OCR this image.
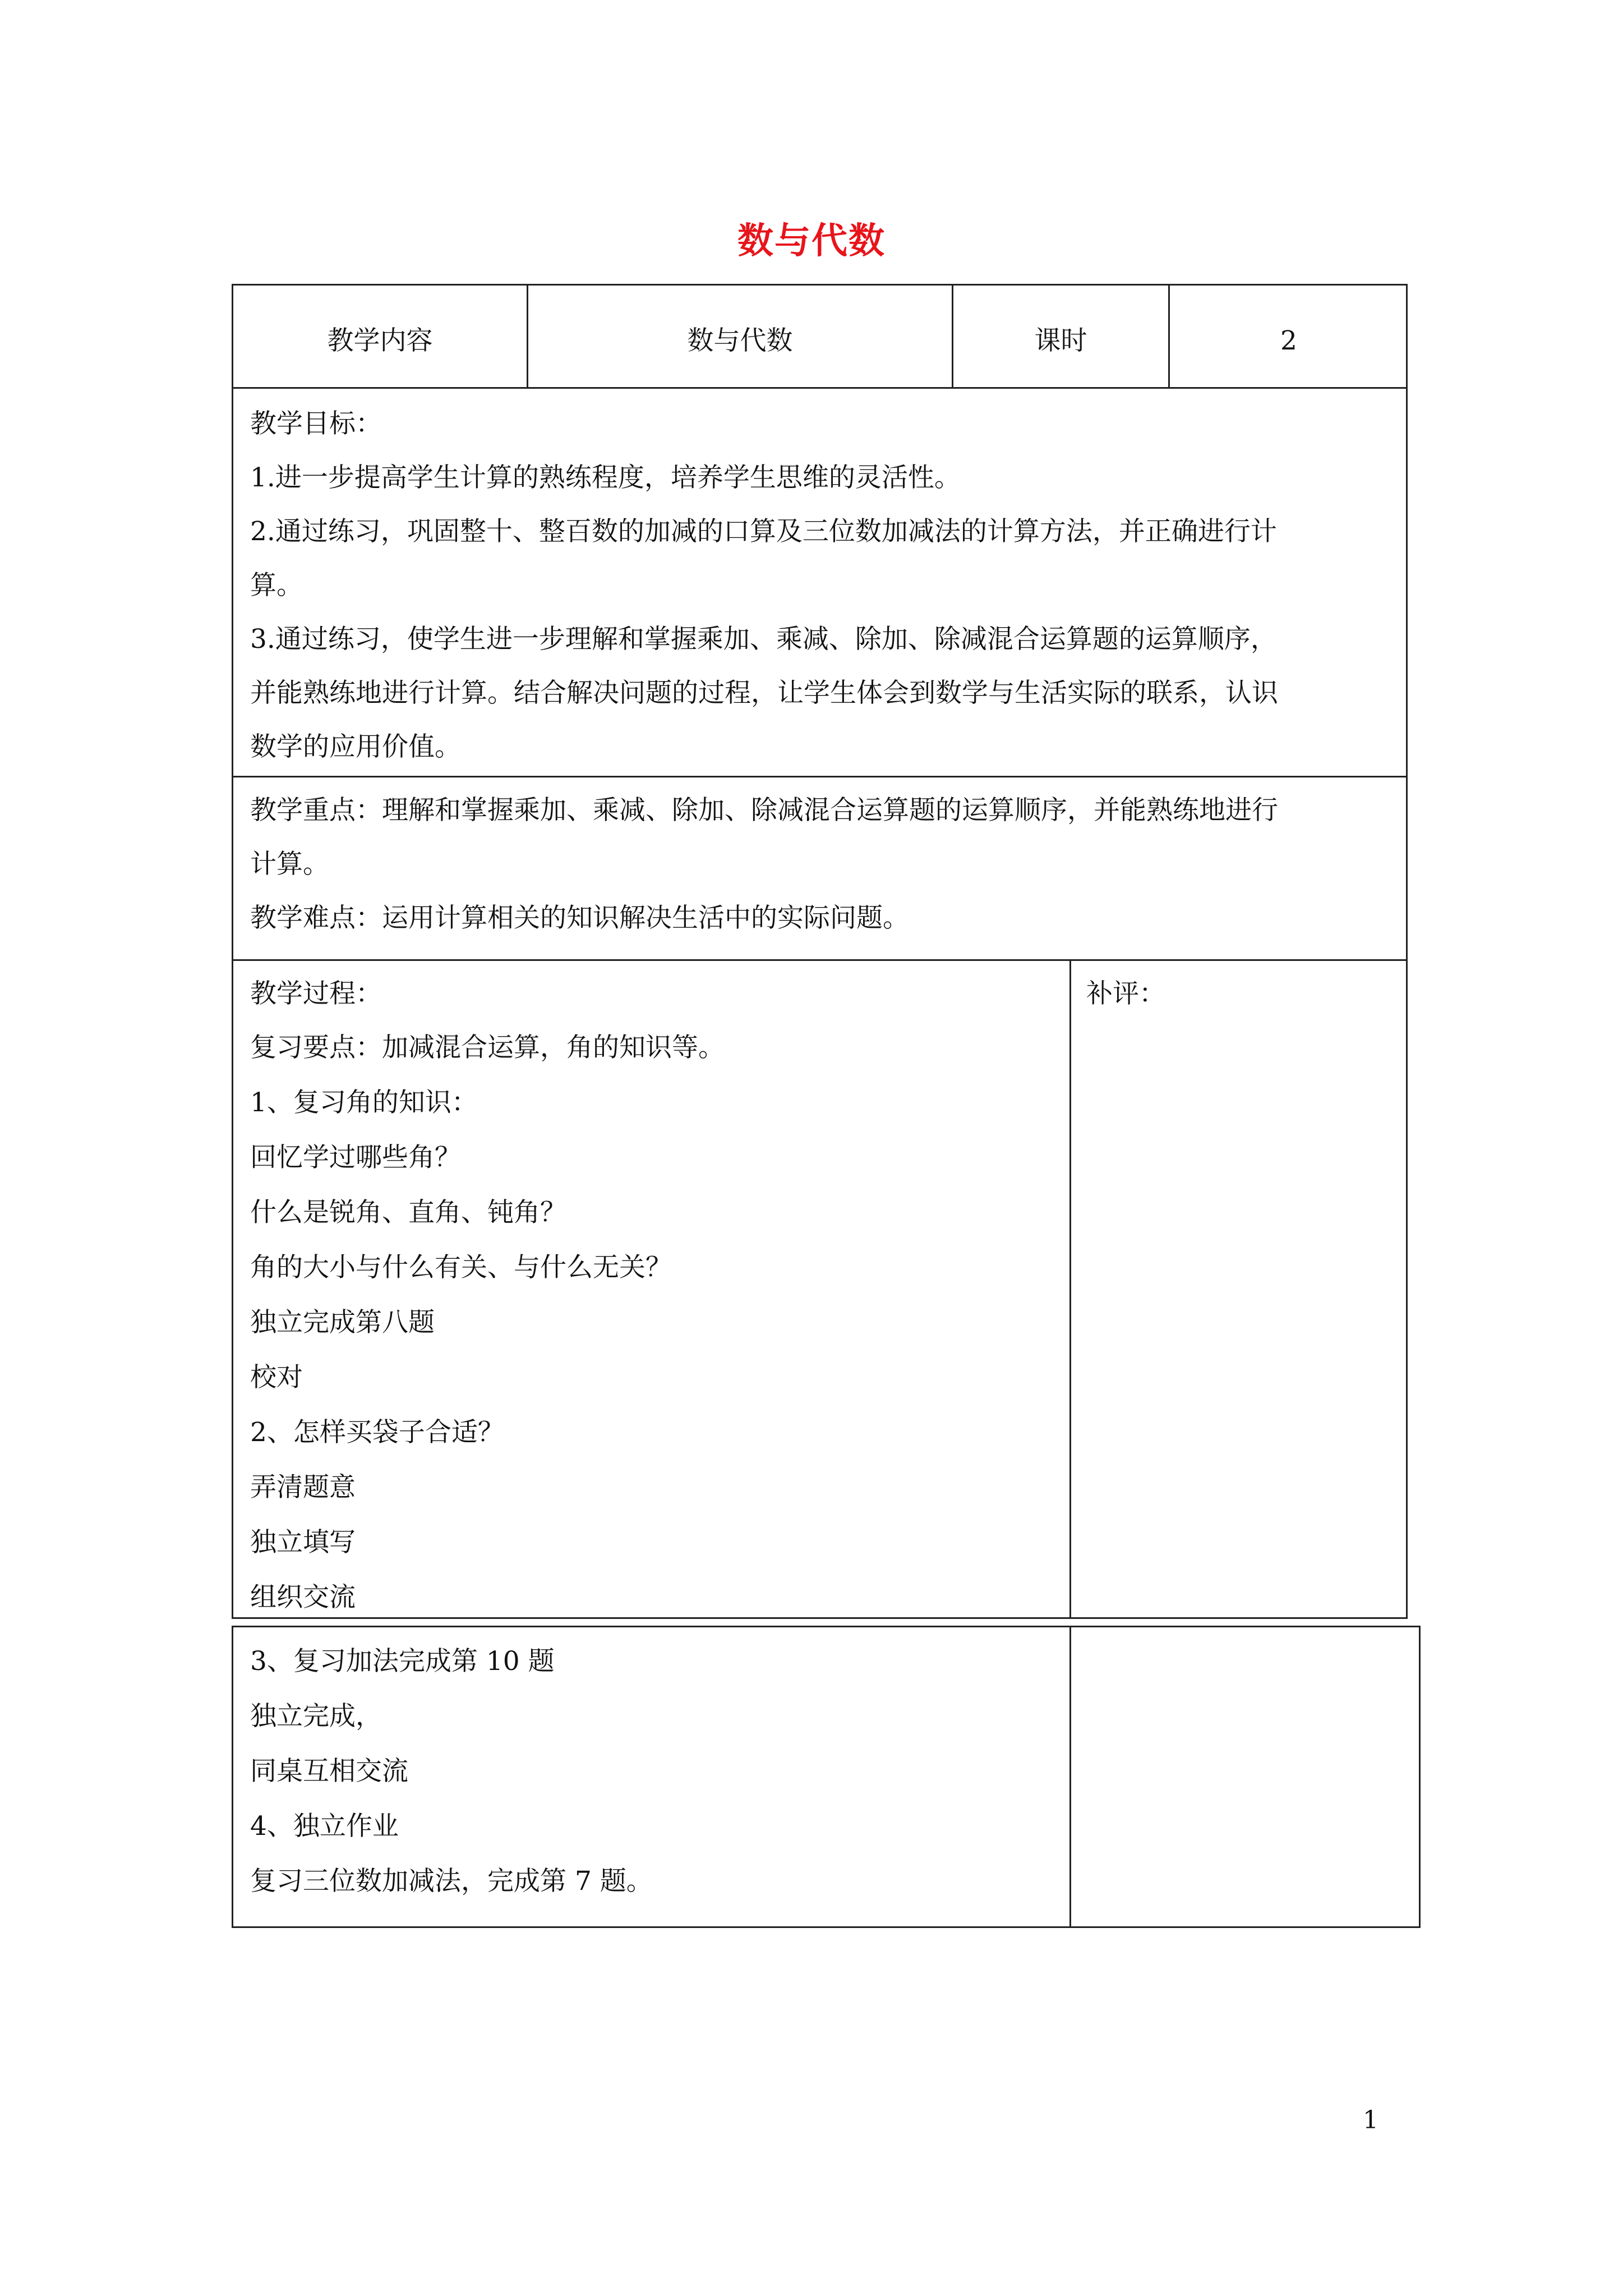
数与代数
教学内容	数与代数	课时	2
教学目标：
1.进一步提高学生计算的熟练程度，培养学生思维的灵活性。
2.通过练习，巩固整十、整百数的加减的口算及三位数加减法的计算方法，并正确进行计
算。
3.通过练习，使学生进一步理解和掌握乘加、乘减、除加、除减混合运算题的运算顺序，
并能熟练地进行计算。结合解决问题的过程，让学生体会到数学与生活实际的联系，认识
数学的应用价值。
教学重点：理解和掌握乘加、乘减、除加、除减混合运算题的运算顺序，并能熟练地进行
计算。
教学难点：运用计算相关的知识解决生活中的实际问题。
教学过程：
复习要点：加减混合运算，角的知识等。
1、复习角的知识：
回忆学过哪些角？
什么是锐角、直角、钝角？
角的大小与什么有关、与什么无关？
独立完成第八题
校对
2、怎样买袋子合适？
弄清题意
独立填写
组织交流
补评：
3、复习加法完成第 10 题
独立完成，
同桌互相交流
4、独立作业
复习三位数加减法，完成第 7 题。
1
